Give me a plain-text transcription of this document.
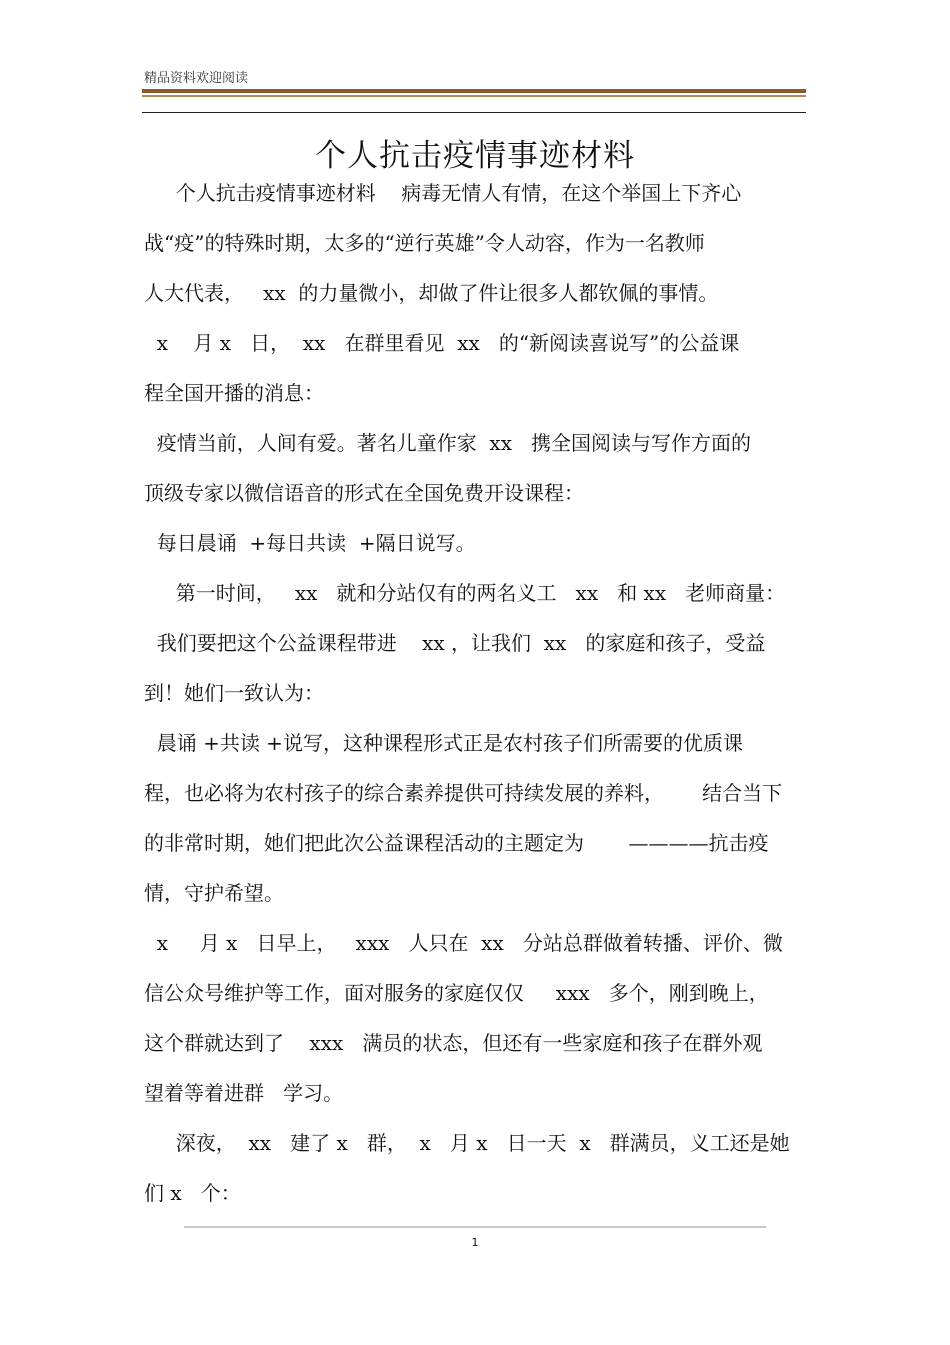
精品资料欢迎阅读
个人抗击疫情事迹材料
个人抗击疫情事迹材料    病毒无情人有情，在这个举国上下齐心
战“疫”的特殊时期，太多的“逆行英雄”令人动容，作为一名教师
人大代表，   xx  的力量微小，却做了件让很多人都钦佩的事情。
x    月 x   日，  xx   在群里看见  xx   的“新阅读喜说写”的公益课
程全国开播的消息：
疫情当前，人间有爱。著名儿童作家  xx   携全国阅读与写作方面的
顶级专家以微信语音的形式在全国免费开设课程：
每日晨诵  +每日共读  +隔日说写。
第一时间，   xx   就和分站仅有的两名义工   xx   和 xx   老师商量：
我们要把这个公益课程带进    xx ，让我们  xx   的家庭和孩子，受益
到！她们一致认为：
晨诵 +共读 +说写，这种课程形式正是农村孩子们所需要的优质课
程，也必将为农村孩子的综合素养提供可持续发展的养料，      结合当下
的非常时期，她们把此次公益课程活动的主题定为       ————抗击疫
情，守护希望。
x     月 x   日早上，   xxx   人只在  xx   分站总群做着转播、评价、微
信公众号维护等工作，面对服务的家庭仅仅     xxx   多个，刚到晚上，
这个群就达到了    xxx   满员的状态，但还有一些家庭和孩子在群外观
望着等着进群   学习。
深夜，  xx   建了 x   群，  x   月 x   日一天  x   群满员，义工还是她
们 x   个：
1
